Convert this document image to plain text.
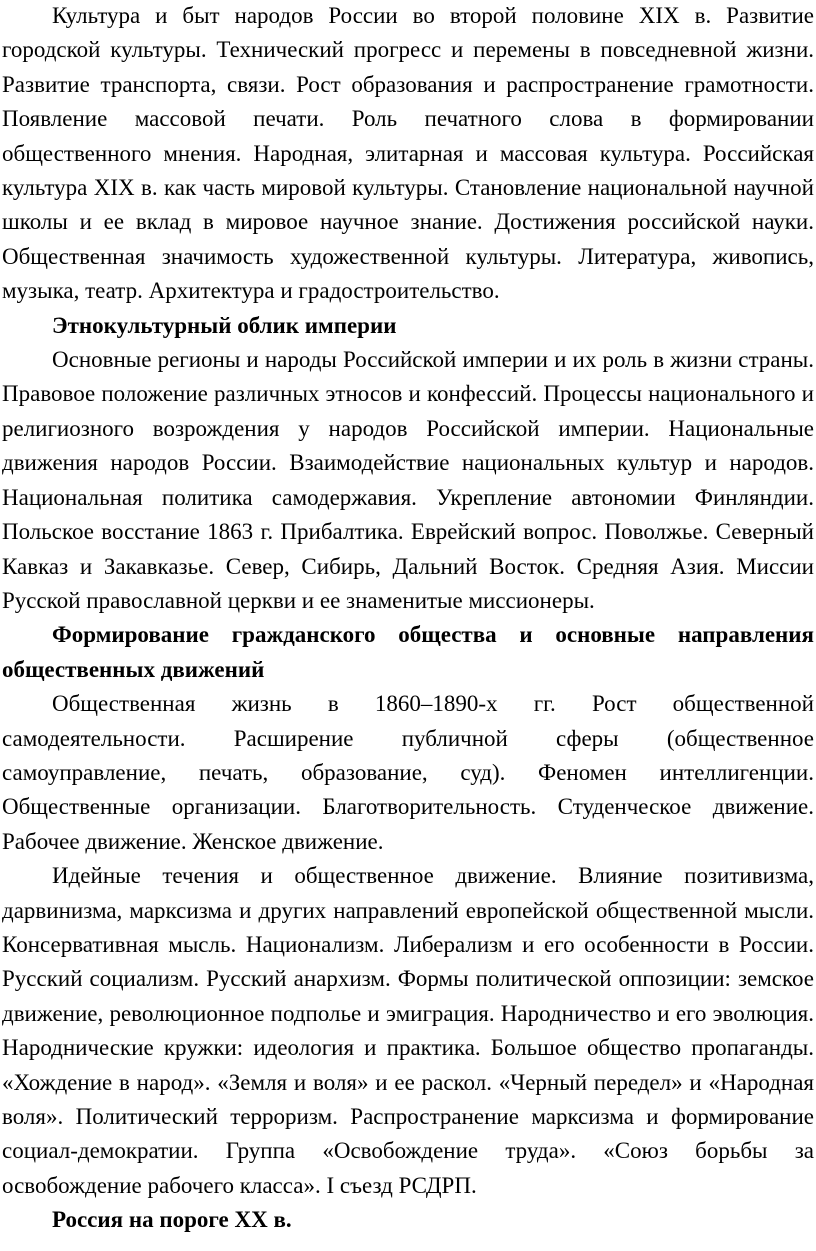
Культура и быт народов России во второй половине XIX в. Развитие городской культуры. Технический прогресс и перемены в повседневной жизни. Развитие транспорта, связи. Рост образования и распространение грамотности. Появление массовой печати. Роль печатного слова в формировании общественного мнения. Народная, элитарная и массовая культура. Российская культура XIX в. как часть мировой культуры. Становление национальной научной школы и ее вклад в мировое научное знание. Достижения российской науки. Общественная значимость художественной культуры. Литература, живопись, музыка, театр. Архитектура и градостроительство.

Этнокультурный облик империи

Основные регионы и народы Российской империи и их роль в жизни страны. Правовое положение различных этносов и конфессий. Процессы национального и религиозного возрождения у народов Российской империи. Национальные движения народов России. Взаимодействие национальных культур и народов. Национальная политика самодержавия. Укрепление автономии Финляндии. Польское восстание 1863 г. Прибалтика. Еврейский вопрос. Поволжье. Северный Кавказ и Закавказье. Север, Сибирь, Дальний Восток. Средняя Азия. Миссии Русской православной церкви и ее знаменитые миссионеры.

Формирование гражданского общества и основные направления общественных движений

Общественная жизнь в 1860–1890-х гг. Рост общественной самодеятельности. Расширение публичной сферы (общественное самоуправление, печать, образование, суд). Феномен интеллигенции. Общественные организации. Благотворительность. Студенческое движение. Рабочее движение. Женское движение.

Идейные течения и общественное движение. Влияние позитивизма, дарвинизма, марксизма и других направлений европейской общественной мысли. Консервативная мысль. Национализм. Либерализм и его особенности в России. Русский социализм. Русский анархизм. Формы политической оппозиции: земское движение, революционное подполье и эмиграция. Народничество и его эволюция. Народнические кружки: идеология и практика. Большое общество пропаганды. «Хождение в народ». «Земля и воля» и ее раскол. «Черный передел» и «Народная воля». Политический терроризм. Распространение марксизма и формирование социал-демократии. Группа «Освобождение труда». «Союз борьбы за освобождение рабочего класса». I съезд РСДРП.

Россия на пороге XX в.
